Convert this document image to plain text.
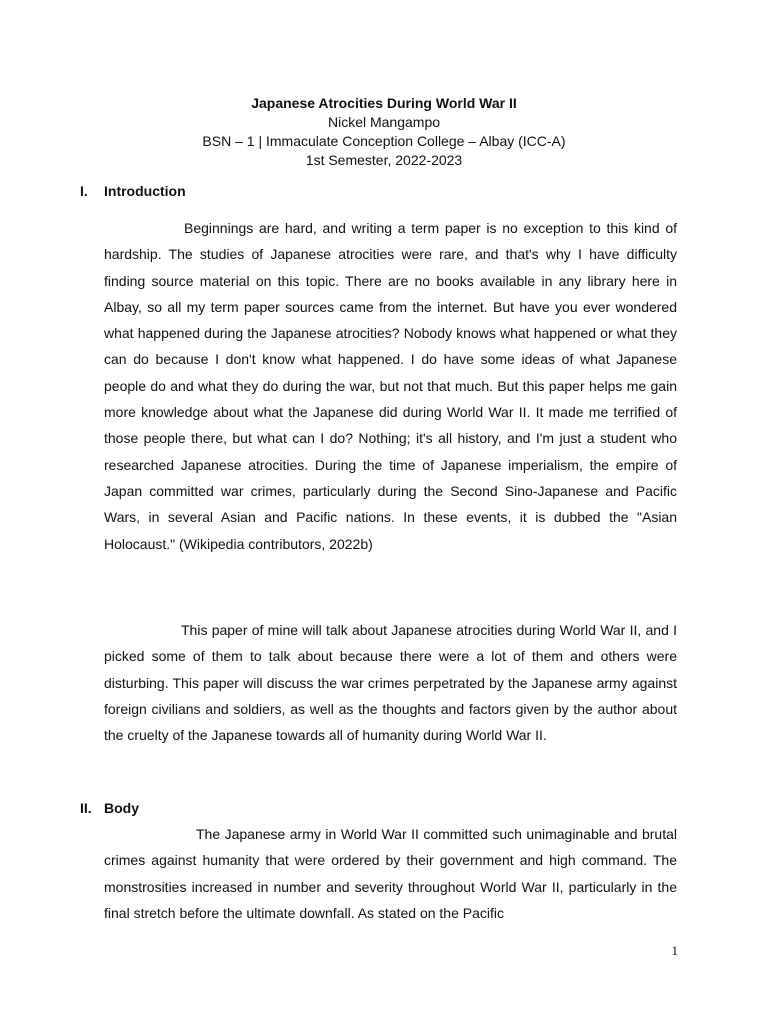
Japanese Atrocities During World War II
Nickel Mangampo
BSN – 1 | Immaculate Conception College – Albay (ICC-A)
1st Semester, 2022-2023
I. Introduction

Beginnings are hard, and writing a term paper is no exception to this kind of hardship. The studies of Japanese atrocities were rare, and that's why I have difficulty finding source material on this topic. There are no books available in any library here in Albay, so all my term paper sources came from the internet. But have you ever wondered what happened during the Japanese atrocities? Nobody knows what happened or what they can do because I don't know what happened. I do have some ideas of what Japanese people do and what they do during the war, but not that much. But this paper helps me gain more knowledge about what the Japanese did during World War II. It made me terrified of those people there, but what can I do? Nothing; it's all history, and I'm just a student who researched Japanese atrocities. During the time of Japanese imperialism, the empire of Japan committed war crimes, particularly during the Second Sino-Japanese and Pacific Wars, in several Asian and Pacific nations. In these events, it is dubbed the "Asian Holocaust." (Wikipedia contributors, 2022b)

This paper of mine will talk about Japanese atrocities during World War II, and I picked some of them to talk about because there were a lot of them and others were disturbing. This paper will discuss the war crimes perpetrated by the Japanese army against foreign civilians and soldiers, as well as the thoughts and factors given by the author about the cruelty of the Japanese towards all of humanity during World War II.

II. Body

The Japanese army in World War II committed such unimaginable and brutal crimes against humanity that were ordered by their government and high command. The monstrosities increased in number and severity throughout World War II, particularly in the final stretch before the ultimate downfall. As stated on the Pacific

1
